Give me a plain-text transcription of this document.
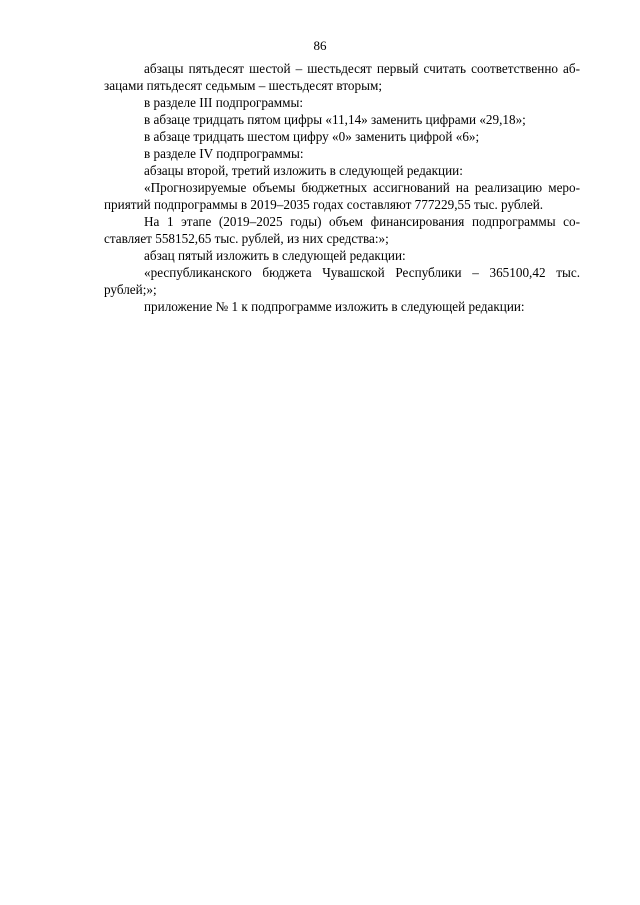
86
абзацы пятьдесят шестой – шестьдесят первый считать соответственно аб-
зацами пятьдесят седьмым – шестьдесят вторым;
в разделе III подпрограммы:
в абзаце тридцать пятом цифры «11,14» заменить цифрами «29,18»;
в абзаце тридцать шестом цифру «0» заменить цифрой «6»;
в разделе IV подпрограммы:
абзацы второй, третий изложить в следующей редакции:
«Прогнозируемые объемы бюджетных ассигнований на реализацию меро-
приятий подпрограммы в 2019–2035 годах составляют 777229,55 тыс. рублей.
На 1 этапе (2019–2025 годы) объем финансирования подпрограммы со-
ставляет 558152,65 тыс. рублей, из них средства:»;
абзац пятый изложить в следующей редакции:
«республиканского бюджета Чувашской Республики – 365100,42 тыс.
рублей;»;
приложение № 1 к подпрограмме изложить в следующей редакции:
